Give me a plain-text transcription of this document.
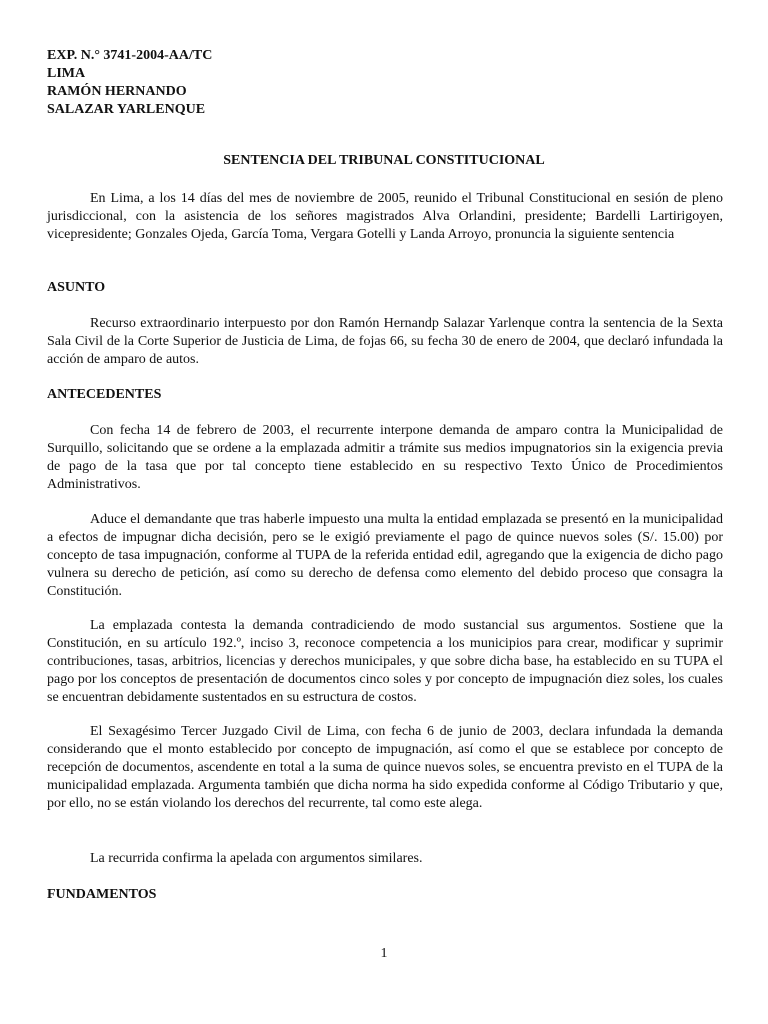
EXP. N.° 3741-2004-AA/TC
LIMA
RAMÓN HERNANDO
SALAZAR YARLENQUE
SENTENCIA DEL TRIBUNAL CONSTITUCIONAL

En Lima, a los 14 días del mes de noviembre de 2005, reunido el Tribunal Constitucional en sesión de pleno jurisdiccional, con la asistencia de los señores magistrados Alva Orlandini, presidente; Bardelli Lartirigoyen, vicepresidente; Gonzales Ojeda, García Toma, Vergara Gotelli y Landa Arroyo, pronuncia la siguiente sentencia

ASUNTO

Recurso extraordinario interpuesto por don Ramón Hernandp Salazar Yarlenque contra la sentencia de la Sexta Sala Civil de la Corte Superior de Justicia de Lima, de fojas 66, su fecha 30 de enero de 2004, que declaró infundada la acción de amparo de autos.

ANTECEDENTES

Con fecha 14 de febrero de 2003, el recurrente interpone demanda de amparo contra la Municipalidad de Surquillo, solicitando que se ordene a la emplazada admitir a trámite sus medios impugnatorios sin la exigencia previa de pago de la tasa que por tal concepto tiene establecido en su respectivo Texto Único de Procedimientos Administrativos.

Aduce el demandante que tras haberle impuesto una multa la entidad emplazada se presentó en la municipalidad a efectos de impugnar dicha decisión, pero se le exigió previamente el pago de quince nuevos soles (S/. 15.00) por concepto de tasa impugnación, conforme al TUPA de la referida entidad edil, agregando que la exigencia de dicho pago vulnera su derecho de petición, así como su derecho de defensa como elemento del debido proceso que consagra la Constitución.

La emplazada contesta la demanda contradiciendo de modo sustancial sus argumentos. Sostiene que la Constitución, en su artículo 192.º, inciso 3, reconoce competencia a los municipios para crear, modificar y suprimir contribuciones, tasas, arbitrios, licencias y derechos municipales, y que sobre dicha base, ha establecido en su TUPA el pago por los conceptos de presentación de documentos cinco soles y por concepto de impugnación diez soles, los cuales se encuentran debidamente sustentados en su estructura de costos.

El Sexagésimo Tercer Juzgado Civil de Lima, con fecha 6 de junio de 2003, declara infundada la demanda considerando que el monto establecido por concepto de impugnación, así como el que se establece por concepto de recepción de documentos, ascendente en total a la suma de quince nuevos soles, se encuentra previsto en el TUPA de la municipalidad emplazada. Argumenta también que dicha norma ha sido expedida conforme al Código Tributario y que, por ello, no se están violando los derechos del recurrente, tal como este alega.

La recurrida confirma la apelada con argumentos similares.

FUNDAMENTOS
1
